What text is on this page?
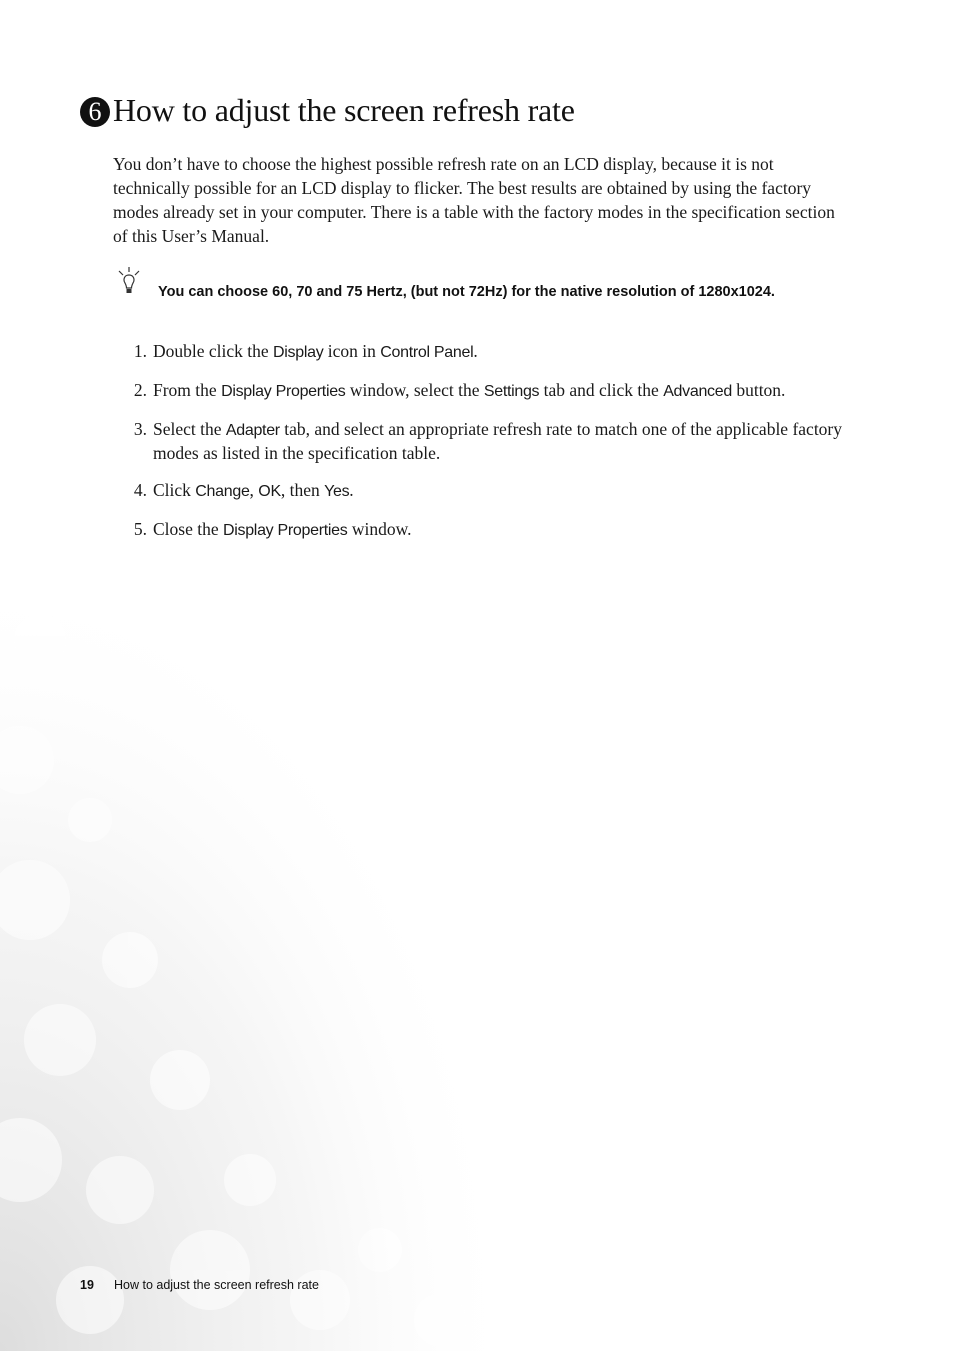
6 How to adjust the screen refresh rate

You don’t have to choose the highest possible refresh rate on an LCD display, because it is not technically possible for an LCD display to flicker. The best results are obtained by using the factory modes already set in your computer. There is a table with the factory modes in the specification section of this User’s Manual.

You can choose 60, 70 and 75 Hertz, (but not 72Hz) for the native resolution of 1280x1024.
1. Double click the Display icon in Control Panel.
2. From the Display Properties window, select the Settings tab and click the Advanced button.
3. Select the Adapter tab, and select an appropriate refresh rate to match one of the applicable factory modes as listed in the specification table.
4. Click Change, OK, then Yes.
5. Close the Display Properties window.
19 How to adjust the screen refresh rate
